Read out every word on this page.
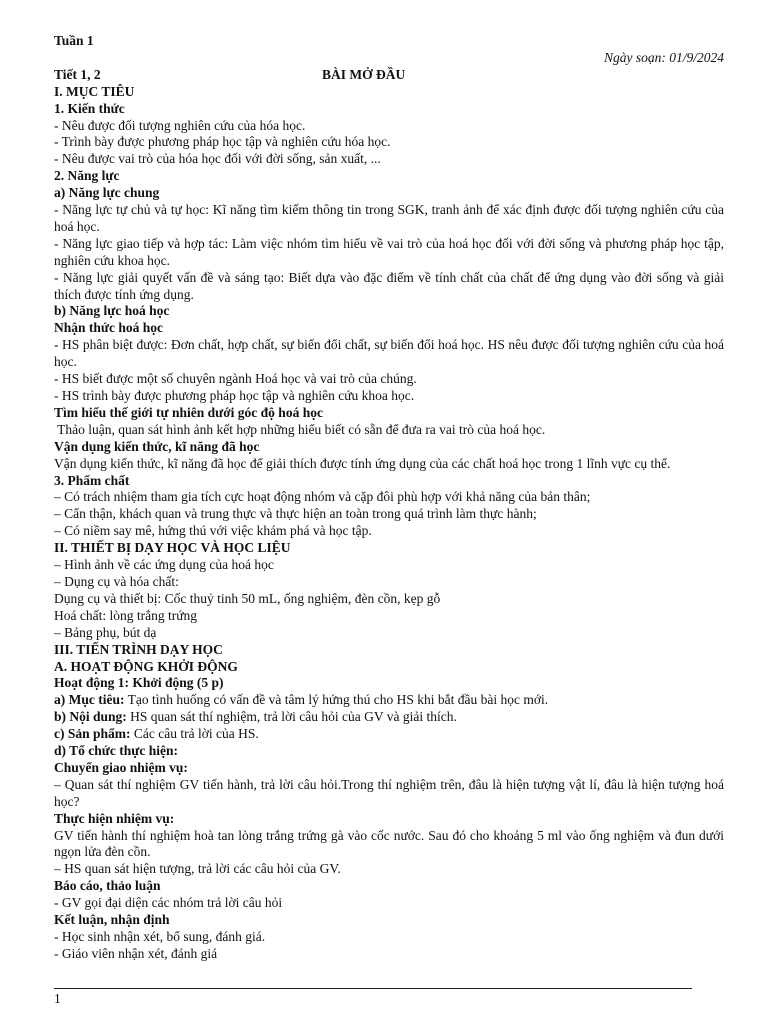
Tuần 1

Ngày soạn: 01/9/2024

Tiết 1, 2	BÀI MỞ ĐẦU

I. MỤC TIÊU

1. Kiến thức

- Nêu được đối tượng nghiên cứu của hóa học.

- Trình bày được phương pháp học tập và nghiên cứu hóa học.

- Nêu được vai trò của hóa học đối với đời sống, sản xuất, ...

2. Năng lực

a) Năng lực chung

- Năng lực tự chủ và tự học: Kĩ năng tìm kiếm thông tin trong SGK, tranh ảnh để xác định được đối tượng nghiên cứu của hoá học.

- Năng lực giao tiếp và hợp tác: Làm việc nhóm tìm hiểu về vai trò của hoá học đối với đời sống và phương pháp học tập, nghiên cứu khoa học.

- Năng lực giải quyết vấn đề và sáng tạo: Biết dựa vào đặc điểm về tính chất của chất để ứng dụng vào đời sống và giải thích được tính ứng dụng.

b) Năng lực hoá học

Nhận thức hoá học

- HS phân biệt được: Đơn chất, hợp chất, sự biến đổi chất, sự biến đổi hoá học. HS nêu được đối tượng nghiên cứu của hoá học.

- HS biết được một số chuyên ngành Hoá học và vai trò của chúng.

- HS trình bày được phương pháp học tập và nghiên cứu khoa học.

Tìm hiểu thế giới tự nhiên dưới góc độ hoá học

Thảo luận, quan sát hình ảnh kết hợp những hiểu biết có sẵn để đưa ra vai trò của hoá học.

Vận dụng kiến thức, kĩ năng đã học

Vận dụng kiến thức, kĩ năng đã học để giải thích được tính ứng dụng của các chất hoá học trong 1 lĩnh vực cụ thể.

3. Phẩm chất

– Có trách nhiệm tham gia tích cực hoạt động nhóm và cặp đôi phù hợp với khả năng của bản thân;

– Cẩn thận, khách quan và trung thực và thực hiện an toàn trong quá trình làm thực hành;

– Có niềm say mê, hứng thú với việc khám phá và học tập.

II. THIẾT BỊ DẠY HỌC VÀ HỌC LIỆU

– Hình ảnh về các ứng dụng của hoá học

– Dụng cụ và hóa chất:

Dụng cụ và thiết bị: Cốc thuỷ tinh 50 mL, ống nghiệm, đèn cồn, kẹp gỗ

Hoá chất: lòng trắng trứng

– Bảng phụ, bút dạ

III. TIẾN TRÌNH DẠY HỌC

A. HOẠT ĐỘNG KHỞI ĐỘNG

Hoạt động 1: Khởi động (5 p)

a) Mục tiêu: Tạo tình huống có vấn đề và tâm lý hứng thú cho HS khi bắt đầu bài học mới.

b) Nội dung: HS quan sát thí nghiệm, trả lời câu hỏi của GV và giải thích.

c) Sản phẩm: Các câu trả lời của HS.

d) Tổ chức thực hiện:

Chuyển giao nhiệm vụ:

– Quan sát thí nghiệm GV tiến hành, trả lời câu hỏi.Trong thí nghiệm trên, đâu là hiện tượng vật lí, đâu là hiện tượng hoá học?

Thực hiện nhiệm vụ:

GV tiến hành thí nghiệm hoà tan lòng trắng trứng gà vào cốc nước. Sau đó cho khoảng 5 ml vào ống nghiệm và đun dưới ngọn lửa đèn cồn.

– HS quan sát hiện tượng, trả lời các câu hỏi của GV.

Báo cáo, thảo luận

- GV gọi đại diện các nhóm trả lời câu hỏi

Kết luận, nhận định

- Học sinh nhận xét, bổ sung, đánh giá.

- Giáo viên nhận xét, đánh giá

1
